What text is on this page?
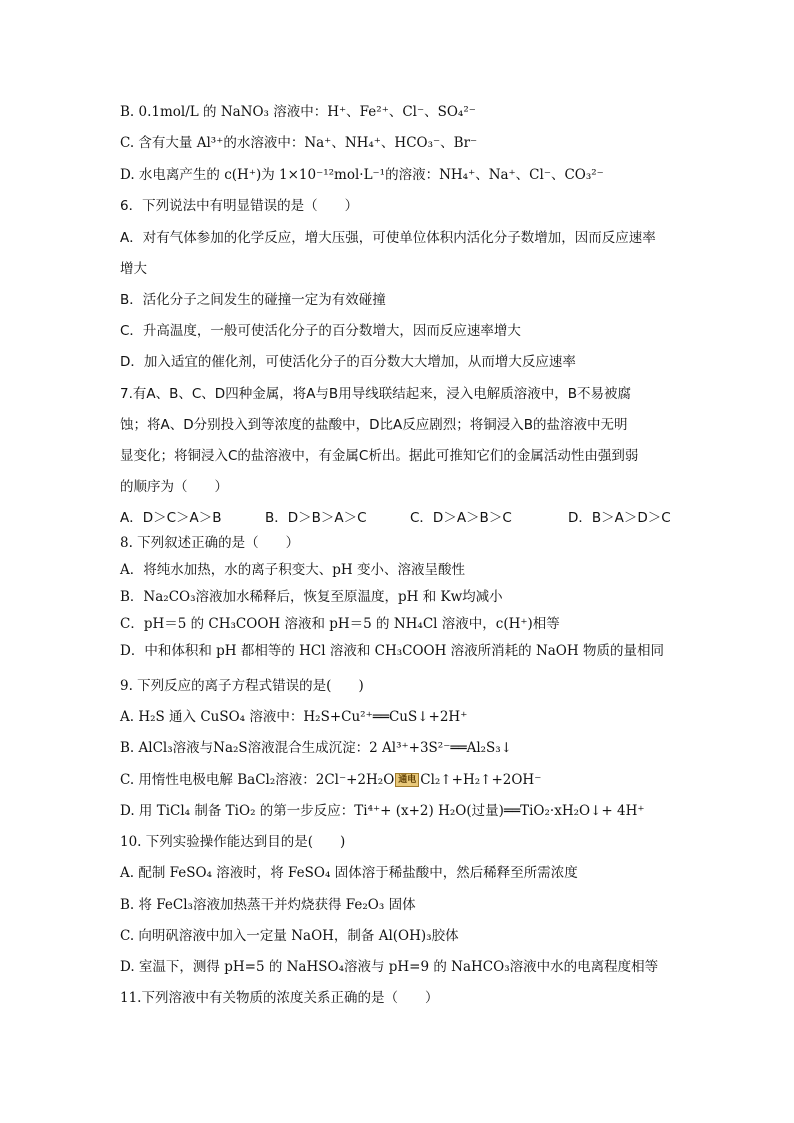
B. 0.1mol/L 的 NaNO₃ 溶液中：H⁺、Fe²⁺、Cl⁻、SO₄²⁻
C. 含有大量 Al³⁺的水溶液中：Na⁺、NH₄⁺、HCO₃⁻、Br⁻
D. 水电离产生的 c(H⁺)为 1×10⁻¹²mol·L⁻¹的溶液：NH₄⁺、Na⁺、Cl⁻、CO₃²⁻
6．下列说法中有明显错误的是（　　）
A．对有气体参加的化学反应，增大压强，可使单位体积内活化分子数增加，因而反应速率
增大
B．活化分子之间发生的碰撞一定为有效碰撞
C．升高温度，一般可使活化分子的百分数增大，因而反应速率增大
D．加入适宜的催化剂，可使活化分子的百分数大大增加，从而增大反应速率
7.有A、B、C、D四种金属，将A与B用导线联结起来，浸入电解质溶液中，B不易被腐
蚀；将A、D分别投入到等浓度的盐酸中，D比A反应剧烈；将铜浸入B的盐溶液中无明
显变化；将铜浸入C的盐溶液中，有金属C析出。据此可推知它们的金属活动性由强到弱
的顺序为（　　）
A．D＞C＞A＞B	B．D＞B＞A＞C	C．D＞A＞B＞C	D．B＞A＞D＞C
8. 下列叙述正确的是（　　）
A．将纯水加热，水的离子积变大、pH 变小、溶液呈酸性
B．Na₂CO₃溶液加水稀释后，恢复至原温度，pH 和 Kw均减小
C．pH＝5 的 CH₃COOH 溶液和 pH＝5 的 NH₄Cl 溶液中，c(H⁺)相等
D．中和体积和 pH 都相等的 HCl 溶液和 CH₃COOH 溶液所消耗的 NaOH 物质的量相同
9. 下列反应的离子方程式错误的是(　　)
A. H₂S 通入 CuSO₄ 溶液中：H₂S+Cu²⁺══CuS↓+2H⁺
B. AlCl₃溶液与Na₂S溶液混合生成沉淀：2 Al³⁺+3S²⁻══Al₂S₃↓
C. 用惰性电极电解 BaCl₂溶液：2Cl⁻+2H₂O 通电 Cl₂↑+H₂↑+2OH⁻
D. 用 TiCl₄ 制备 TiO₂ 的第一步反应：Ti⁴⁺+ (x+2) H₂O(过量)══TiO₂·xH₂O↓+ 4H⁺
10. 下列实验操作能达到目的是(　　)
A. 配制 FeSO₄ 溶液时，将 FeSO₄ 固体溶于稀盐酸中，然后稀释至所需浓度
B. 将 FeCl₃溶液加热蒸干并灼烧获得 Fe₂O₃ 固体
C. 向明矾溶液中加入一定量 NaOH，制备 Al(OH)₃胶体
D. 室温下，测得 pH=5 的 NaHSO₄溶液与 pH=9 的 NaHCO₃溶液中水的电离程度相等
11.下列溶液中有关物质的浓度关系正确的是（　　）
